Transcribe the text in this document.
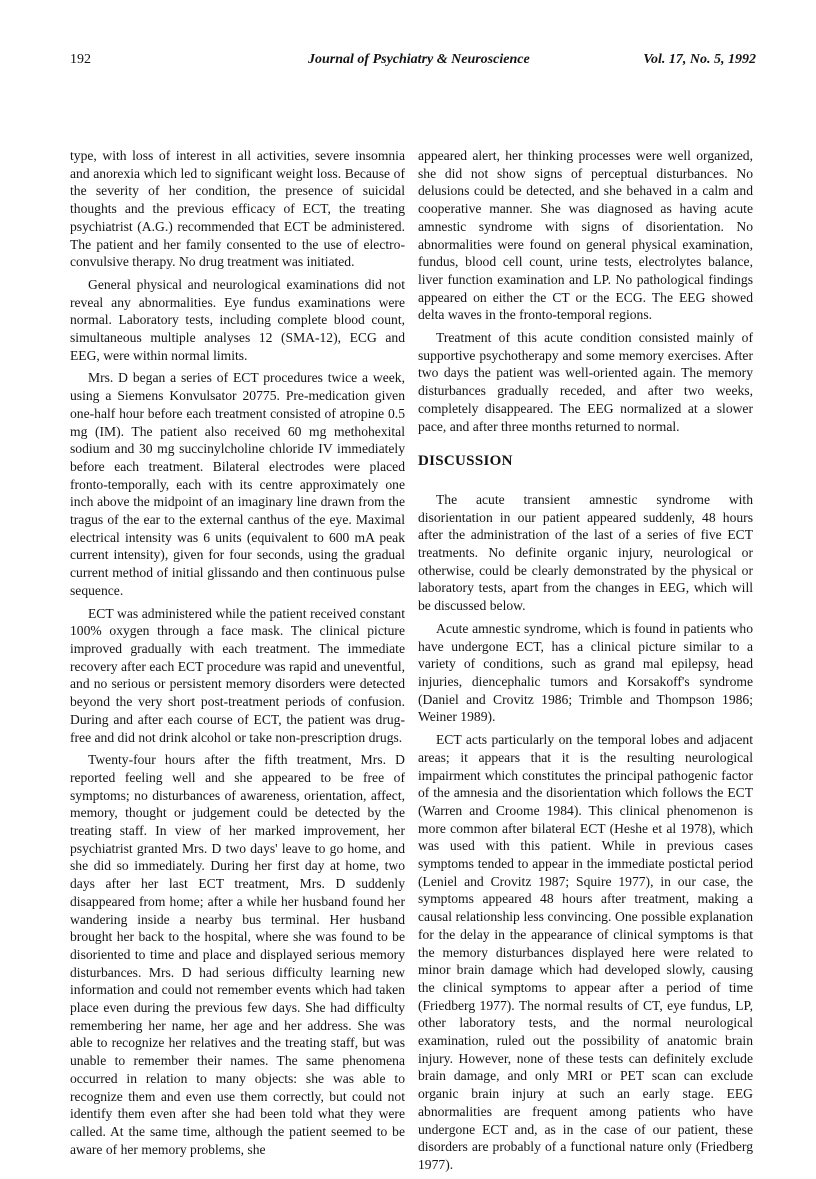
192	Journal of Psychiatry & Neuroscience	Vol. 17, No. 5, 1992

type, with loss of interest in all activities, severe insomnia and anorexia which led to significant weight loss. Because of the severity of her condition, the presence of suicidal thoughts and the previous efficacy of ECT, the treating psychiatrist (A.G.) recommended that ECT be administered. The patient and her family consented to the use of electro-convulsive therapy. No drug treatment was initiated.

General physical and neurological examinations did not reveal any abnormalities. Eye fundus examinations were normal. Laboratory tests, including complete blood count, simultaneous multiple analyses 12 (SMA-12), ECG and EEG, were within normal limits.

Mrs. D began a series of ECT procedures twice a week, using a Siemens Konvulsator 20775. Pre-medication given one-half hour before each treatment consisted of atropine 0.5 mg (IM). The patient also received 60 mg methohexital sodium and 30 mg succinylcholine chloride IV immediately before each treatment. Bilateral electrodes were placed fronto-temporally, each with its centre approximately one inch above the midpoint of an imaginary line drawn from the tragus of the ear to the external canthus of the eye. Maximal electrical intensity was 6 units (equivalent to 600 mA peak current intensity), given for four seconds, using the gradual current method of initial glissando and then continuous pulse sequence.

ECT was administered while the patient received constant 100% oxygen through a face mask. The clinical picture improved gradually with each treatment. The immediate recovery after each ECT procedure was rapid and uneventful, and no serious or persistent memory disorders were detected beyond the very short post-treatment periods of confusion. During and after each course of ECT, the patient was drug-free and did not drink alcohol or take non-prescription drugs.

Twenty-four hours after the fifth treatment, Mrs. D reported feeling well and she appeared to be free of symptoms; no disturbances of awareness, orientation, affect, memory, thought or judgement could be detected by the treating staff. In view of her marked improvement, her psychiatrist granted Mrs. D two days' leave to go home, and she did so immediately. During her first day at home, two days after her last ECT treatment, Mrs. D suddenly disappeared from home; after a while her husband found her wandering inside a nearby bus terminal. Her husband brought her back to the hospital, where she was found to be disoriented to time and place and displayed serious memory disturbances. Mrs. D had serious difficulty learning new information and could not remember events which had taken place even during the previous few days. She had difficulty remembering her name, her age and her address. She was able to recognize her relatives and the treating staff, but was unable to remember their names. The same phenomena occurred in relation to many objects: she was able to recognize them and even use them correctly, but could not identify them even after she had been told what they were called. At the same time, although the patient seemed to be aware of her memory problems, she

appeared alert, her thinking processes were well organized, she did not show signs of perceptual disturbances. No delusions could be detected, and she behaved in a calm and cooperative manner. She was diagnosed as having acute amnestic syndrome with signs of disorientation. No abnormalities were found on general physical examination, fundus, blood cell count, urine tests, electrolytes balance, liver function examination and LP. No pathological findings appeared on either the CT or the ECG. The EEG showed delta waves in the fronto-temporal regions.

Treatment of this acute condition consisted mainly of supportive psychotherapy and some memory exercises. After two days the patient was well-oriented again. The memory disturbances gradually receded, and after two weeks, completely disappeared. The EEG normalized at a slower pace, and after three months returned to normal.

DISCUSSION

The acute transient amnestic syndrome with disorientation in our patient appeared suddenly, 48 hours after the administration of the last of a series of five ECT treatments. No definite organic injury, neurological or otherwise, could be clearly demonstrated by the physical or laboratory tests, apart from the changes in EEG, which will be discussed below.

Acute amnestic syndrome, which is found in patients who have undergone ECT, has a clinical picture similar to a variety of conditions, such as grand mal epilepsy, head injuries, diencephalic tumors and Korsakoff's syndrome (Daniel and Crovitz 1986; Trimble and Thompson 1986; Weiner 1989).

ECT acts particularly on the temporal lobes and adjacent areas; it appears that it is the resulting neurological impairment which constitutes the principal pathogenic factor of the amnesia and the disorientation which follows the ECT (Warren and Croome 1984). This clinical phenomenon is more common after bilateral ECT (Heshe et al 1978), which was used with this patient. While in previous cases symptoms tended to appear in the immediate postictal period (Leniel and Crovitz 1987; Squire 1977), in our case, the symptoms appeared 48 hours after treatment, making a causal relationship less convincing. One possible explanation for the delay in the appearance of clinical symptoms is that the memory disturbances displayed here were related to minor brain damage which had developed slowly, causing the clinical symptoms to appear after a period of time (Friedberg 1977). The normal results of CT, eye fundus, LP, other laboratory tests, and the normal neurological examination, ruled out the possibility of anatomic brain injury. However, none of these tests can definitely exclude brain damage, and only MRI or PET scan can exclude organic brain injury at such an early stage. EEG abnormalities are frequent among patients who have undergone ECT and, as in the case of our patient, these disorders are probably of a functional nature only (Friedberg 1977).
